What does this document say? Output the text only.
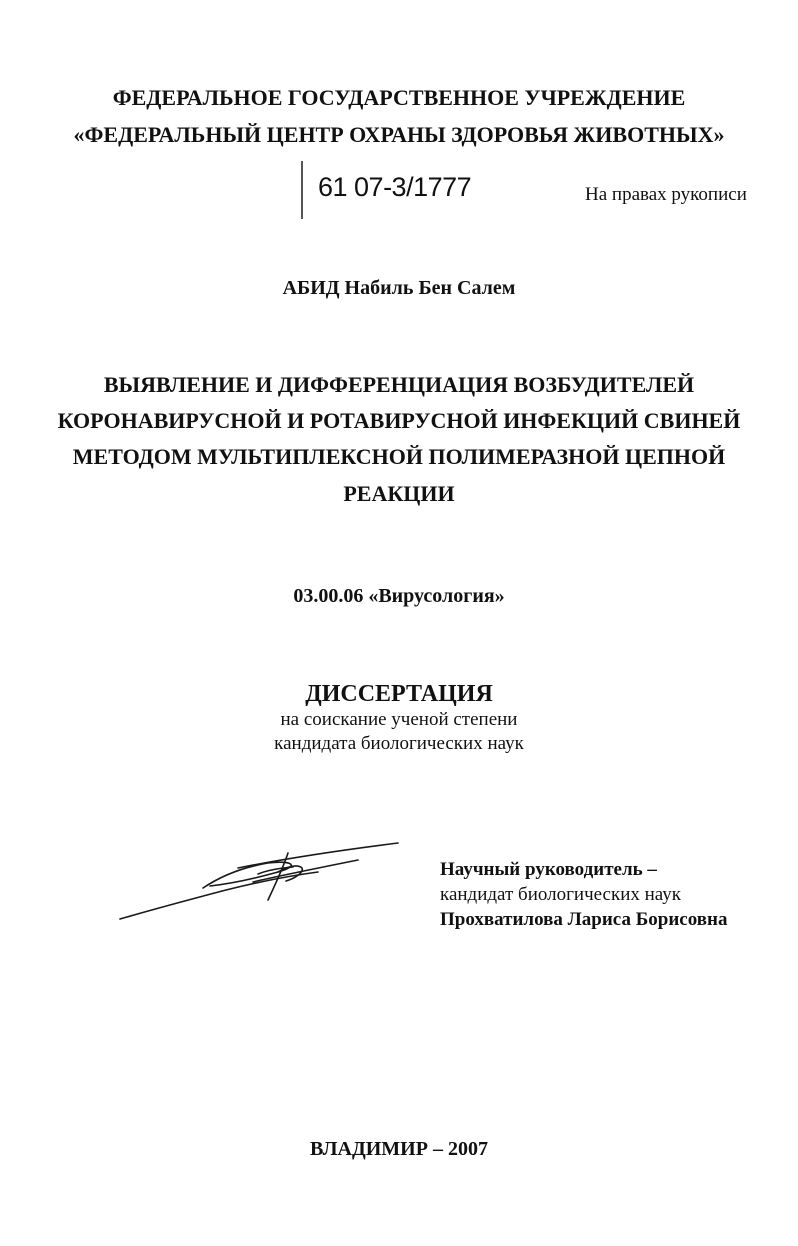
ФЕДЕРАЛЬНОЕ ГОСУДАРСТВЕННОЕ УЧРЕЖДЕНИЕ
«ФЕДЕРАЛЬНЫЙ ЦЕНТР ОХРАНЫ ЗДОРОВЬЯ ЖИВОТНЫХ»
61 07-3/1777	На правах рукописи
АБИД Набиль Бен Салем
ВЫЯВЛЕНИЕ И ДИФФЕРЕНЦИАЦИЯ ВОЗБУДИТЕЛЕЙ
КОРОНАВИРУСНОЙ И РОТАВИРУСНОЙ ИНФЕКЦИЙ СВИНЕЙ
МЕТОДОМ МУЛЬТИПЛЕКСНОЙ ПОЛИМЕРАЗНОЙ ЦЕПНОЙ
РЕАКЦИИ
03.00.06 «Вирусология»
ДИССЕРТАЦИЯ
на соискание ученой степени
кандидата биологических наук
Научный руководитель –
кандидат биологических наук
Прохватилова Лариса Борисовна
ВЛАДИМИР – 2007
